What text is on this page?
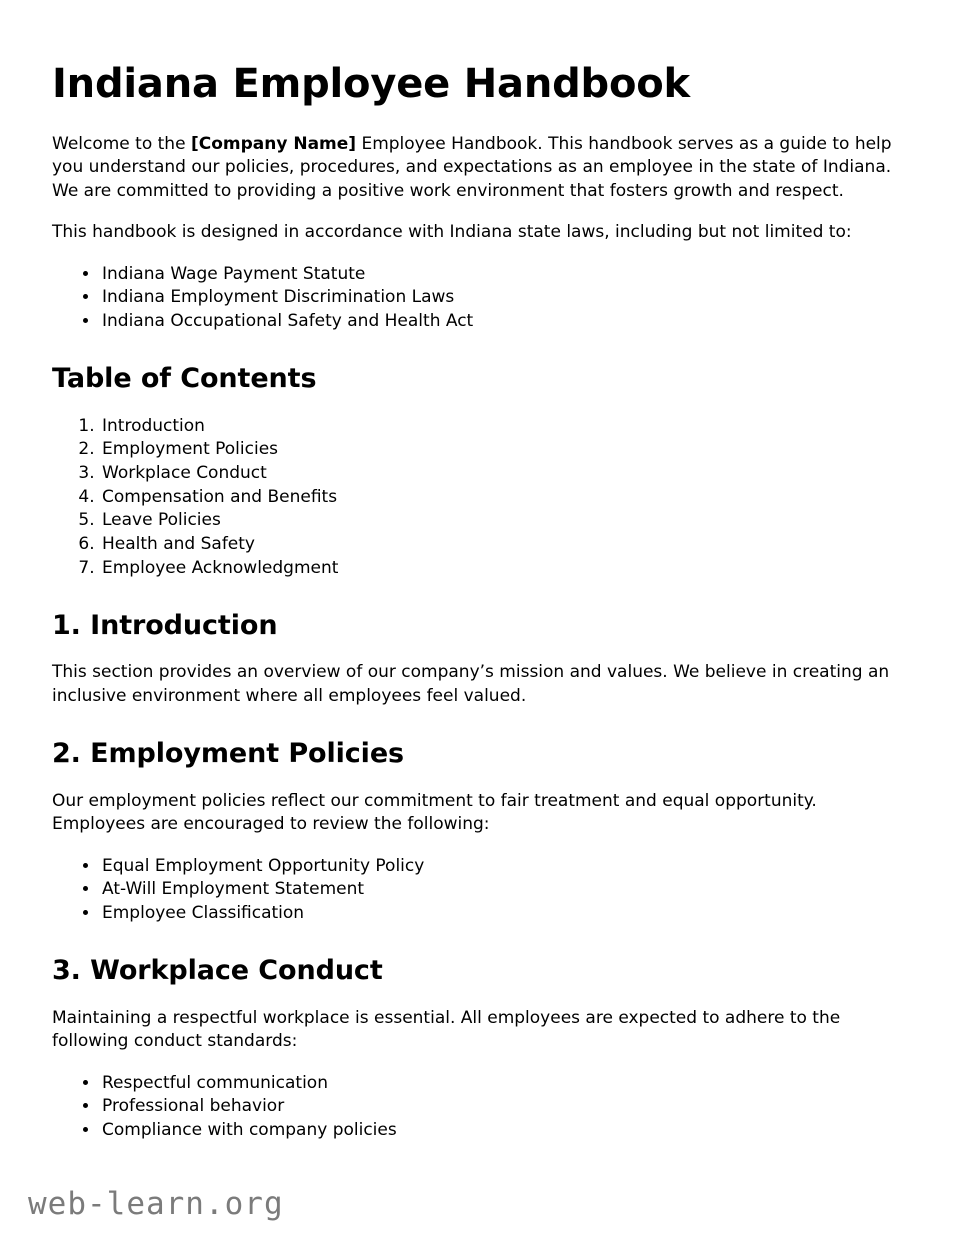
Indiana Employee Handbook

Welcome to the [Company Name] Employee Handbook. This handbook serves as a guide to help you understand our policies, procedures, and expectations as an employee in the state of Indiana. We are committed to providing a positive work environment that fosters growth and respect.

This handbook is designed in accordance with Indiana state laws, including but not limited to:

• Indiana Wage Payment Statute
• Indiana Employment Discrimination Laws
• Indiana Occupational Safety and Health Act
Table of Contents
1. Introduction
2. Employment Policies
3. Workplace Conduct
4. Compensation and Benefits
5. Leave Policies
6. Health and Safety
7. Employee Acknowledgment
1. Introduction

This section provides an overview of our company’s mission and values. We believe in creating an inclusive environment where all employees feel valued.

2. Employment Policies

Our employment policies reflect our commitment to fair treatment and equal opportunity. Employees are encouraged to review the following:

• Equal Employment Opportunity Policy
• At-Will Employment Statement
• Employee Classification
3. Workplace Conduct

Maintaining a respectful workplace is essential. All employees are expected to adhere to the following conduct standards:

• Respectful communication
• Professional behavior
• Compliance with company policies
web-learn.org
